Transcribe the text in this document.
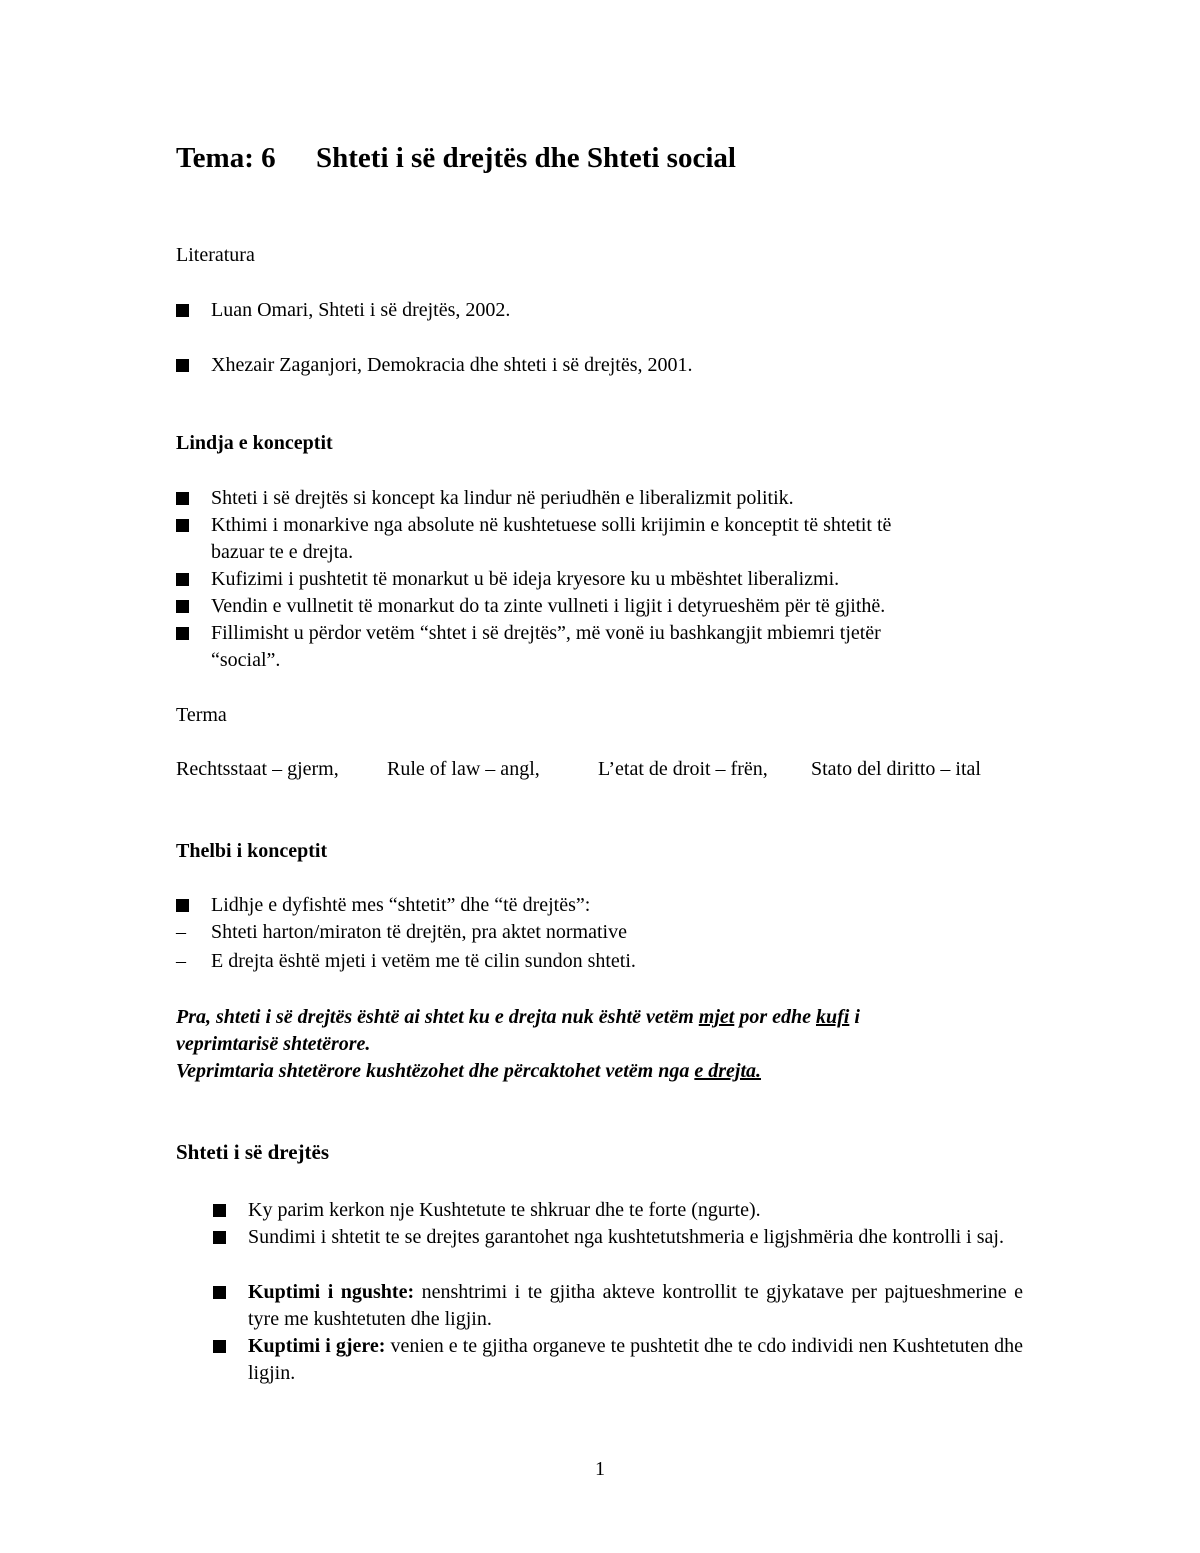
Tema: 6 Shteti i së drejtës dhe Shteti social
Literatura
Luan Omari, Shteti i së drejtës, 2002.
Xhezair Zaganjori, Demokracia dhe shteti i së drejtës, 2001.
Lindja e konceptit
Shteti i së drejtës si koncept ka lindur në periudhën e liberalizmit politik.
Kthimi i monarkive nga absolute në kushtetuese solli krijimin e konceptit të shtetit të
bazuar te e drejta.
Kufizimi i pushtetit të monarkut u bë ideja kryesore ku u mbështet liberalizmi.
Vendin e vullnetit të monarkut do ta zinte vullneti i ligjit i detyrueshëm për të gjithë.
Fillimisht u përdor vetëm “shtet i së drejtës”, më vonë iu bashkangjit mbiemri tjetër
“social”.
Terma
Rechtsstaat – gjerm, Rule of law – angl,	L’etat de droit – frën, Stato del diritto – ital
Thelbi i konceptit
Lidhje e dyfishtë mes “shtetit” dhe “të drejtës”:
– Shteti harton/miraton të drejtën, pra aktet normative
– E drejta është mjeti i vetëm me të cilin sundon shteti.
Pra, shteti i së drejtës është ai shtet ku e drejta nuk është vetëm mjet por edhe kufi i
veprimtarisë shtetërore.
Veprimtaria shtetërore kushtëzohet dhe përcaktohet vetëm nga e drejta.
Shteti i së drejtës
Ky parim kerkon nje Kushtetute te shkruar dhe te forte (ngurte).
Sundimi i shtetit te se drejtes garantohet nga kushtetutshmeria e ligjshmëria dhe kontrolli i saj.
Kuptimi i ngushte: nenshtrimi i te gjitha akteve kontrollit te gjykatave per pajtueshmerine e tyre me kushtetuten dhe ligjin.
Kuptimi i gjere: venien e te gjitha organeve te pushtetit dhe te cdo individi nen Kushtetuten dhe ligjin.
1
